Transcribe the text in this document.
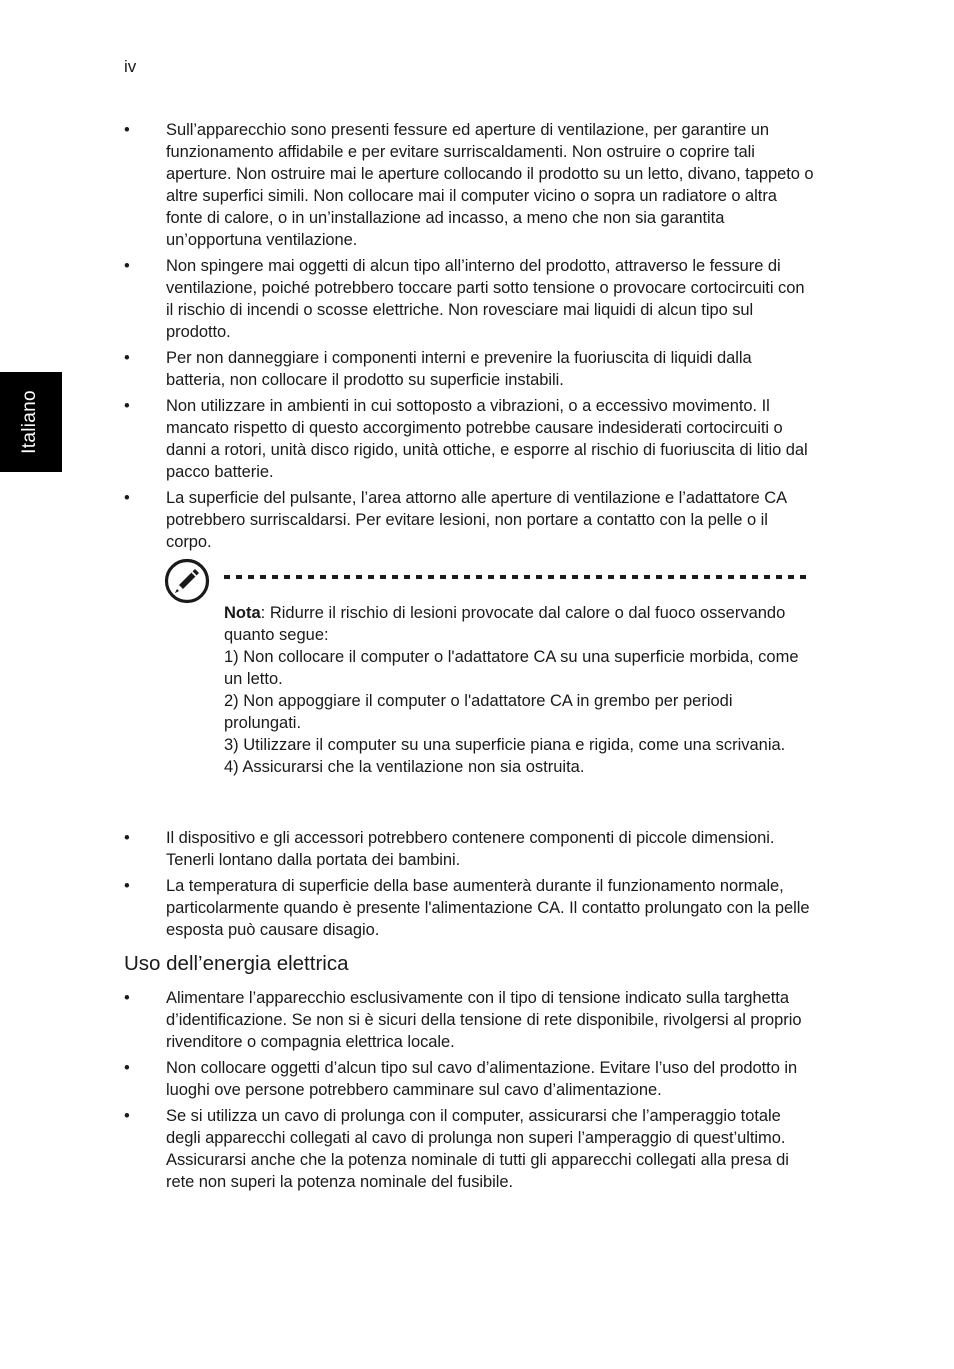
iv
Italiano
• Sull’apparecchio sono presenti fessure ed aperture di ventilazione, per garantire un funzionamento affidabile e per evitare surriscaldamenti. Non ostruire o coprire tali aperture. Non ostruire mai le aperture collocando il prodotto su un letto, divano, tappeto o altre superfici simili. Non collocare mai il computer vicino o sopra un radiatore o altra fonte di calore, o in un’installazione ad incasso, a meno che non sia garantita un’opportuna ventilazione.
• Non spingere mai oggetti di alcun tipo all’interno del prodotto, attraverso le fessure di ventilazione, poiché potrebbero toccare parti sotto tensione o provocare cortocircuiti con il rischio di incendi o scosse elettriche. Non rovesciare mai liquidi di alcun tipo sul prodotto.
• Per non danneggiare i componenti interni e prevenire la fuoriuscita di liquidi dalla batteria, non collocare il prodotto su superficie instabili.
• Non utilizzare in ambienti in cui sottoposto a vibrazioni, o a eccessivo movimento. Il mancato rispetto di questo accorgimento potrebbe causare indesiderati cortocircuiti o danni a rotori, unità disco rigido, unità ottiche, e esporre al rischio di fuoriuscita di litio dal pacco batterie.
• La superficie del pulsante, l’area attorno alle aperture di ventilazione e l’adattatore CA potrebbero surriscaldarsi. Per evitare lesioni, non portare a contatto con la pelle o il corpo.

Nota: Ridurre il rischio di lesioni provocate dal calore o dal fuoco osservando quanto segue:

1) Non collocare il computer o l'adattatore CA su una superficie morbida, come un letto.

2) Non appoggiare il computer o l'adattatore CA in grembo per periodi prolungati.

3) Utilizzare il computer su una superficie piana e rigida, come una scrivania.

4) Assicurarsi che la ventilazione non sia ostruita.

• Il dispositivo e gli accessori potrebbero contenere componenti di piccole dimensioni. Tenerli lontano dalla portata dei bambini.
• La temperatura di superficie della base aumenterà durante il funzionamento normale, particolarmente quando è presente l'alimentazione CA. Il contatto prolungato con la pelle esposta può causare disagio.
Uso dell’energia elettrica
• Alimentare l’apparecchio esclusivamente con il tipo di tensione indicato sulla targhetta d’identificazione. Se non si è sicuri della tensione di rete disponibile, rivolgersi al proprio rivenditore o compagnia elettrica locale.
• Non collocare oggetti d’alcun tipo sul cavo d’alimentazione. Evitare l’uso del prodotto in luoghi ove persone potrebbero camminare sul cavo d’alimentazione.
• Se si utilizza un cavo di prolunga con il computer, assicurarsi che l’amperaggio totale degli apparecchi collegati al cavo di prolunga non superi l’amperaggio di quest’ultimo. Assicurarsi anche che la potenza nominale di tutti gli apparecchi collegati alla presa di rete non superi la potenza nominale del fusibile.
